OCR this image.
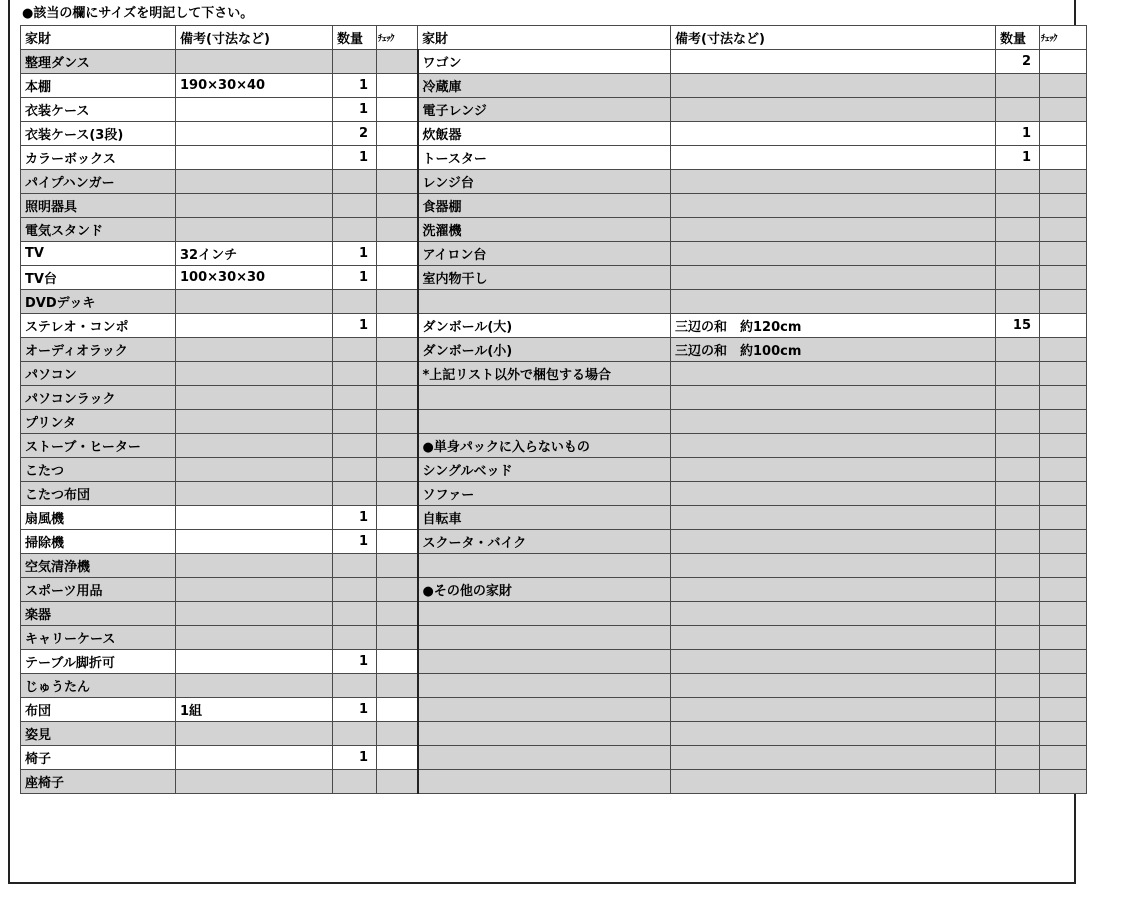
●該当の欄にサイズを明記して下さい。
家財	備考(寸法など)	数量	ﾁｪｯｸ	家財	備考(寸法など)	数量	ﾁｪｯｸ
整理ダンス				ワゴン		2	
本棚	190×30×40	1		冷蔵庫			
衣装ケース		1		電子レンジ			
衣装ケース(3段)		2		炊飯器		1	
カラーボックス		1		トースター		1	
パイプハンガー				レンジ台			
照明器具				食器棚			
電気スタンド				洗濯機			
TV	32インチ	1		アイロン台			
TV台	100×30×30	1		室内物干し			
DVDデッキ							
ステレオ・コンポ		1		ダンボール(大)	三辺の和　約120cm	15	
オーディオラック				ダンボール(小)	三辺の和　約100cm		
パソコン				*上記リスト以外で梱包する場合			
パソコンラック							
プリンタ							
ストーブ・ヒーター				●単身パックに入らないもの			
こたつ				シングルベッド			
こたつ布団				ソファー			
扇風機		1		自転車			
掃除機		1		スクータ・バイク			
空気清浄機							
スポーツ用品				●その他の家財			
楽器							
キャリーケース							
テーブル脚折可		1					
じゅうたん							
布団	1組	1					
姿見							
椅子		1					
座椅子							
